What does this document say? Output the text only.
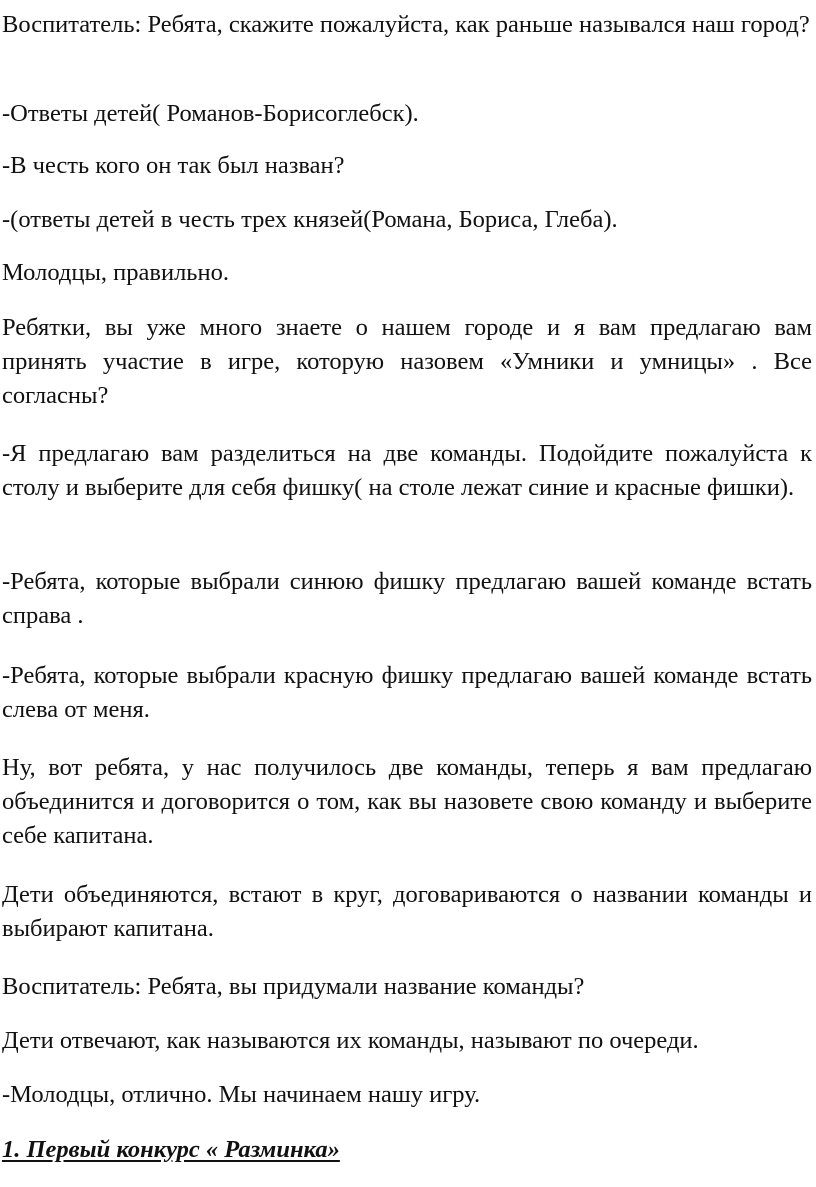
Воспитатель: Ребята, скажите пожалуйста, как раньше назывался наш город?

-Ответы детей( Романов-Борисоглебск).

-В честь кого он так был назван?

-(ответы детей в честь трех князей(Романа, Бориса, Глеба).

Молодцы, правильно.

Ребятки, вы уже много знаете о нашем городе и я вам предлагаю вам принять участие в игре, которую назовем «Умники и умницы» . Все согласны?

-Я предлагаю вам разделиться на две команды. Подойдите пожалуйста к столу и выберите для себя фишку( на столе лежат синие и красные фишки).

-Ребята, которые выбрали синюю фишку предлагаю вашей команде встать справа .

-Ребята, которые выбрали красную фишку предлагаю вашей команде встать слева от меня.

Ну, вот ребята, у нас получилось две команды, теперь я вам предлагаю объединится и договорится о том, как вы назовете свою команду и выберите себе капитана.

Дети объединяются, встают в круг, договариваются о названии команды и выбирают капитана.

Воспитатель: Ребята, вы придумали название команды?

Дети отвечают, как называются их команды, называют по очереди.

-Молодцы, отлично. Мы начинаем нашу игру.

1. Первый конкурс « Разминка»
